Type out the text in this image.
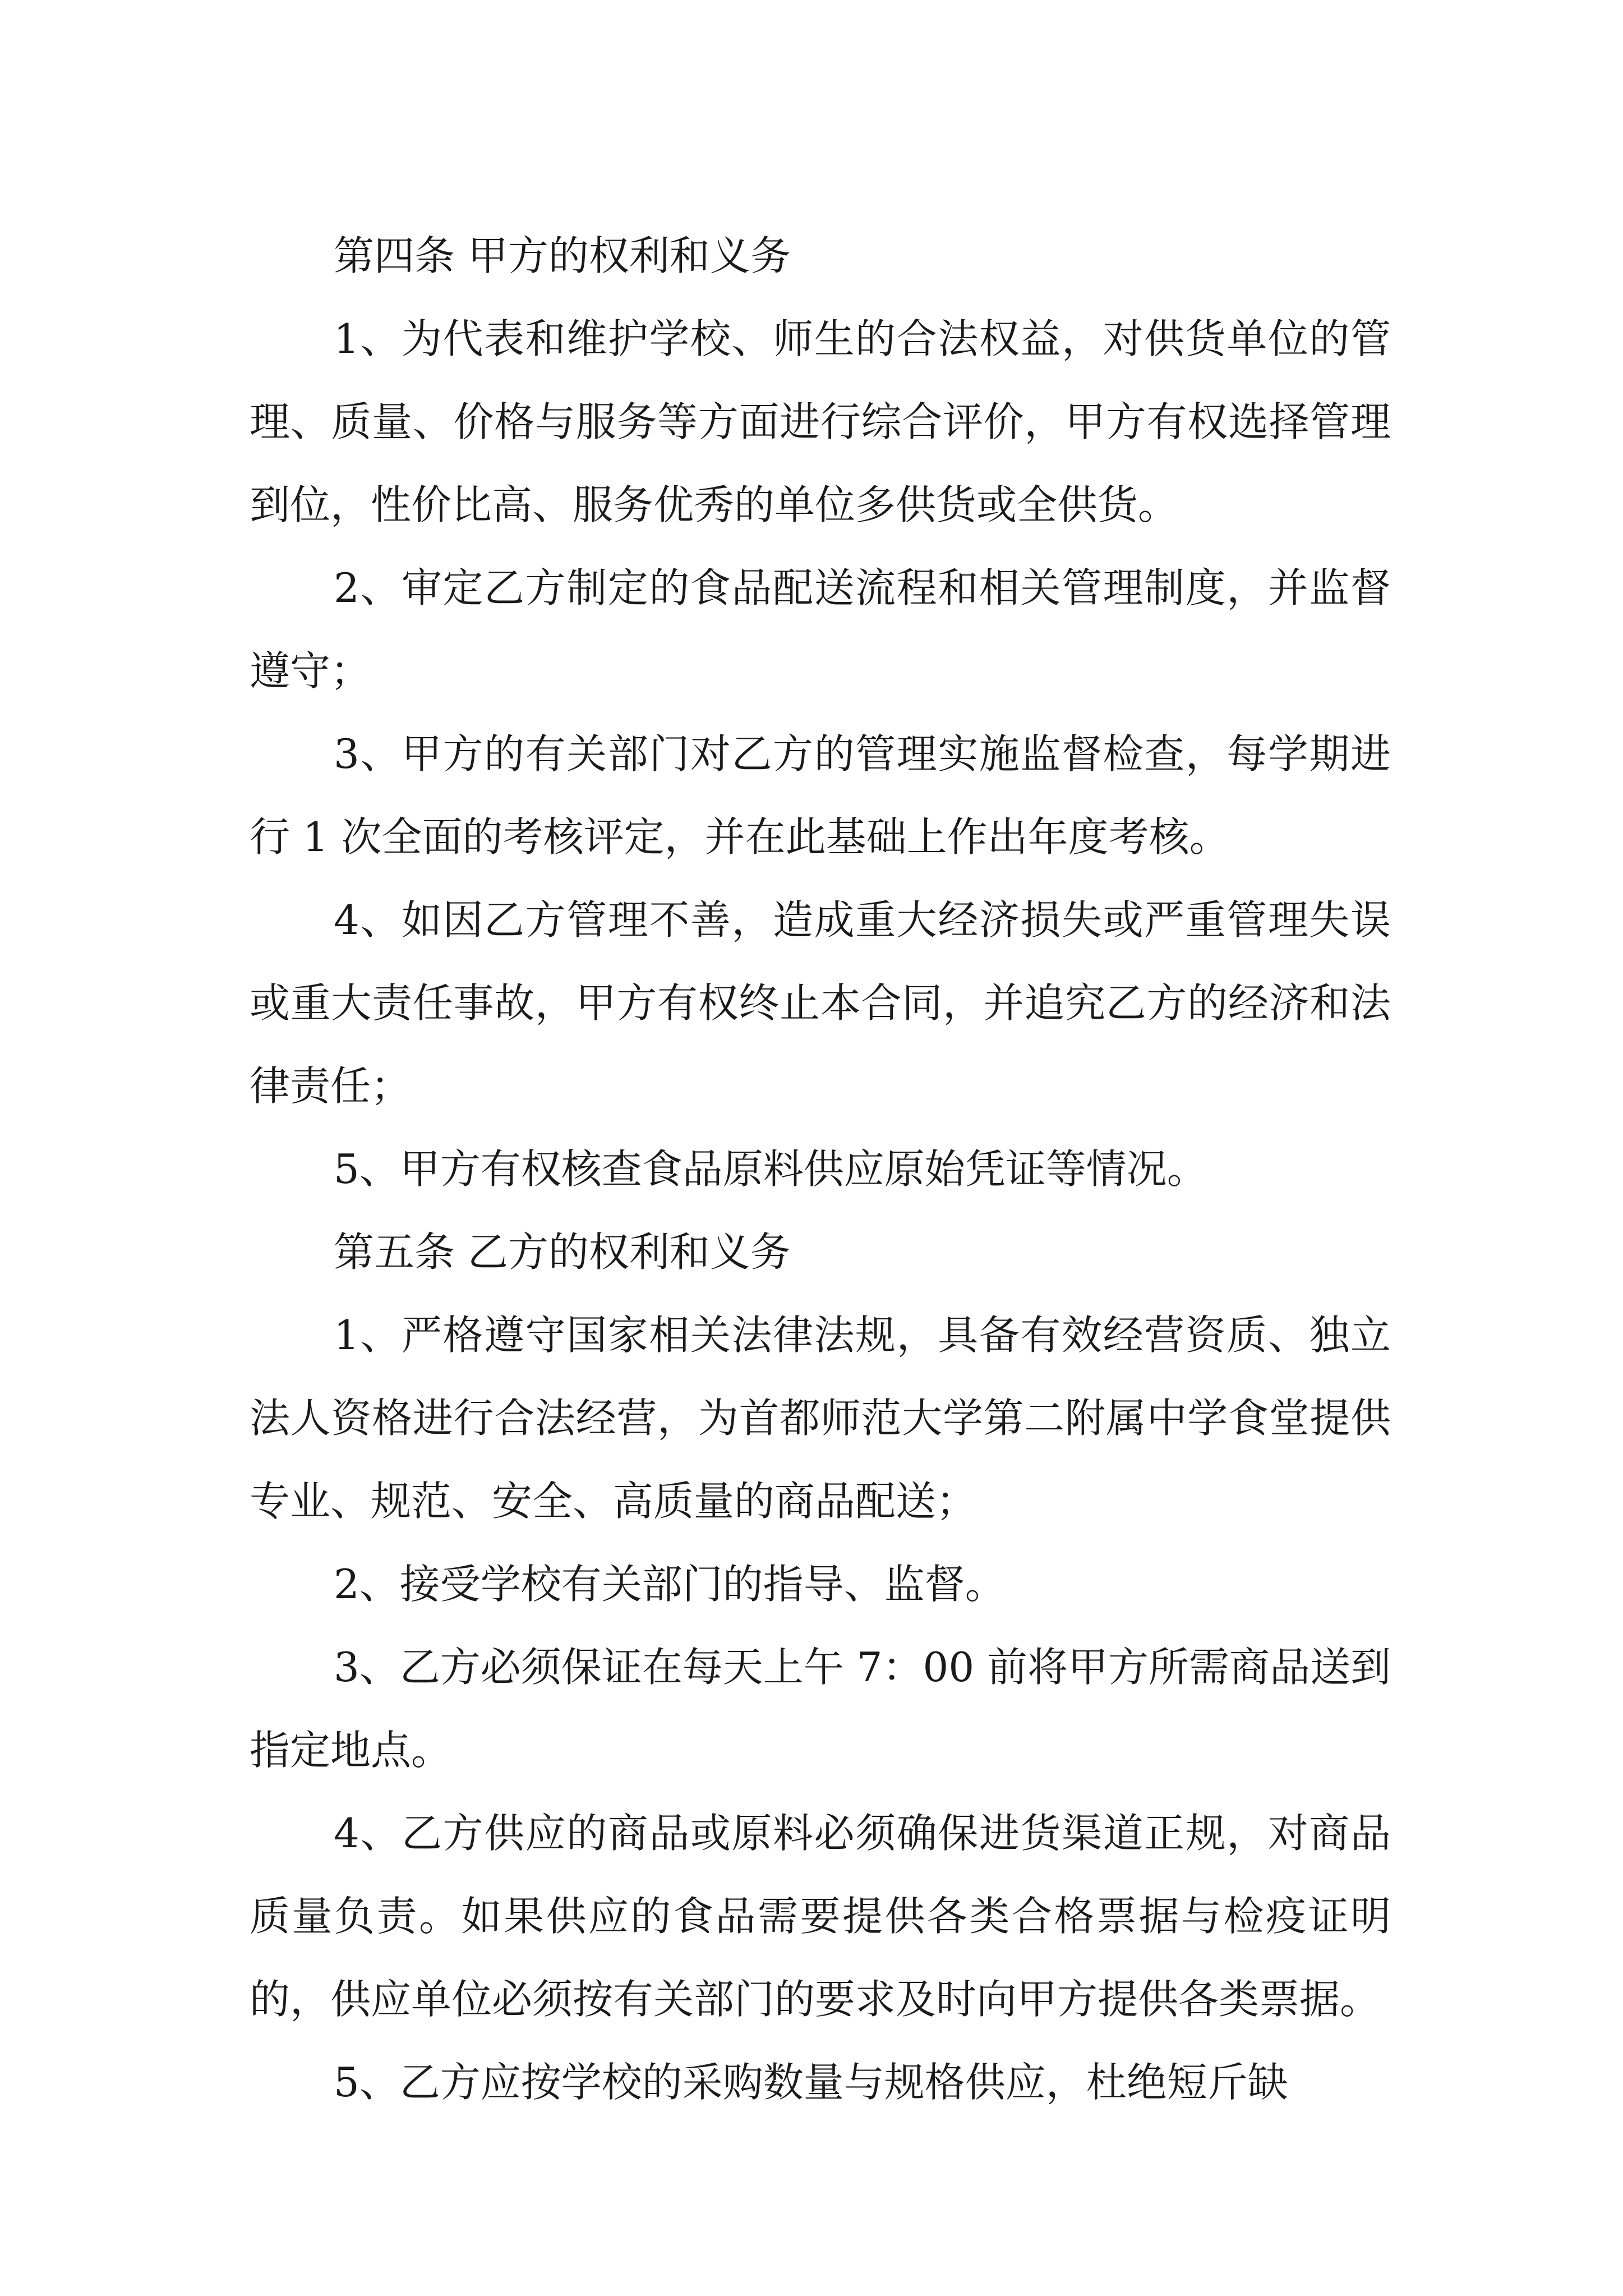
第四条 甲方的权利和义务

1、为代表和维护学校、师生的合法权益，对供货单位的管理、质量、价格与服务等方面进行综合评价，甲方有权选择管理到位，性价比高、服务优秀的单位多供货或全供货。

2、审定乙方制定的食品配送流程和相关管理制度，并监督遵守；

3、甲方的有关部门对乙方的管理实施监督检查，每学期进行 1 次全面的考核评定，并在此基础上作出年度考核。

4、如因乙方管理不善，造成重大经济损失或严重管理失误或重大责任事故，甲方有权终止本合同，并追究乙方的经济和法律责任；

5、甲方有权核查食品原料供应原始凭证等情况。

第五条 乙方的权利和义务

1、严格遵守国家相关法律法规，具备有效经营资质、独立法人资格进行合法经营，为首都师范大学第二附属中学食堂提供专业、规范、安全、高质量的商品配送；

2、接受学校有关部门的指导、监督。

3、乙方必须保证在每天上午 7：00 前将甲方所需商品送到指定地点。

4、乙方供应的商品或原料必须确保进货渠道正规，对商品质量负责。如果供应的食品需要提供各类合格票据与检疫证明的，供应单位必须按有关部门的要求及时向甲方提供各类票据。

5、乙方应按学校的采购数量与规格供应，杜绝短斤缺
